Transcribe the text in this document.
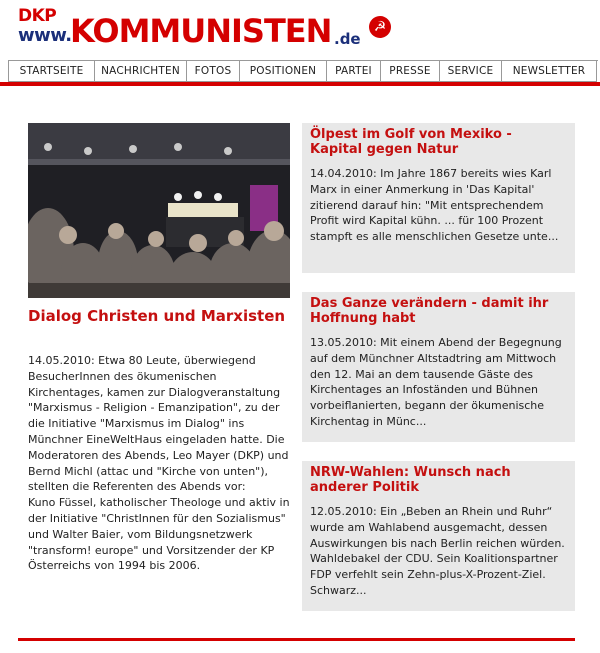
DKP
www.
KOMMUNISTEN .de
☭
STARTSEITE	NACHRICHTEN	FOTOS	POSITIONEN	PARTEI	PRESSE	SERVICE	NEWSLETTER
Dialog Christen und Marxisten

14.05.2010: Etwa 80 Leute, überwiegend BesucherInnen des ökumenischen Kirchentages, kamen zur Dialogveranstaltung "Marxismus - Religion - Emanzipation", zu der die Initiative "Marxismus im Dialog" ins Münchner EineWeltHaus eingeladen hatte. Die Moderatoren des Abends, Leo Mayer (DKP) und Bernd Michl (attac und "Kirche von unten"), stellten die Referenten des Abends vor:

Kuno Füssel, katholischer Theologe und aktiv in der Initiative "ChristInnen für den Sozialismus" und Walter Baier, vom Bildungsnetzwerk "transform! europe" und Vorsitzender der KP Österreichs von 1994 bis 2006.

Ölpest im Golf von Mexiko - Kapital gegen Natur
14.04.2010: Im Jahre 1867 bereits wies Karl Marx in einer Anmerkung in 'Das Kapital' zitierend darauf hin: "Mit entsprechendem Profit wird Kapital kühn. ... für 100 Prozent stampft es alle menschlichen Gesetze unte...
Das Ganze verändern - damit ihr Hoffnung habt
13.05.2010: Mit einem Abend der Begegnung auf dem Münchner Altstadtring am Mittwoch den 12. Mai an dem tausende Gäste des Kirchentages an Infoständen und Bühnen vorbeiflanierten, begann der ökumenische Kirchentag in Münc...
NRW-Wahlen: Wunsch nach anderer Politik
12.05.2010: Ein „Beben an Rhein und Ruhr“ wurde am Wahlabend ausgemacht, dessen Auswirkungen bis nach Berlin reichen würden. Wahldebakel der CDU. Sein Koalitionspartner FDP verfehlt sein Zehn-plus-X-Prozent-Ziel. Schwarz...
